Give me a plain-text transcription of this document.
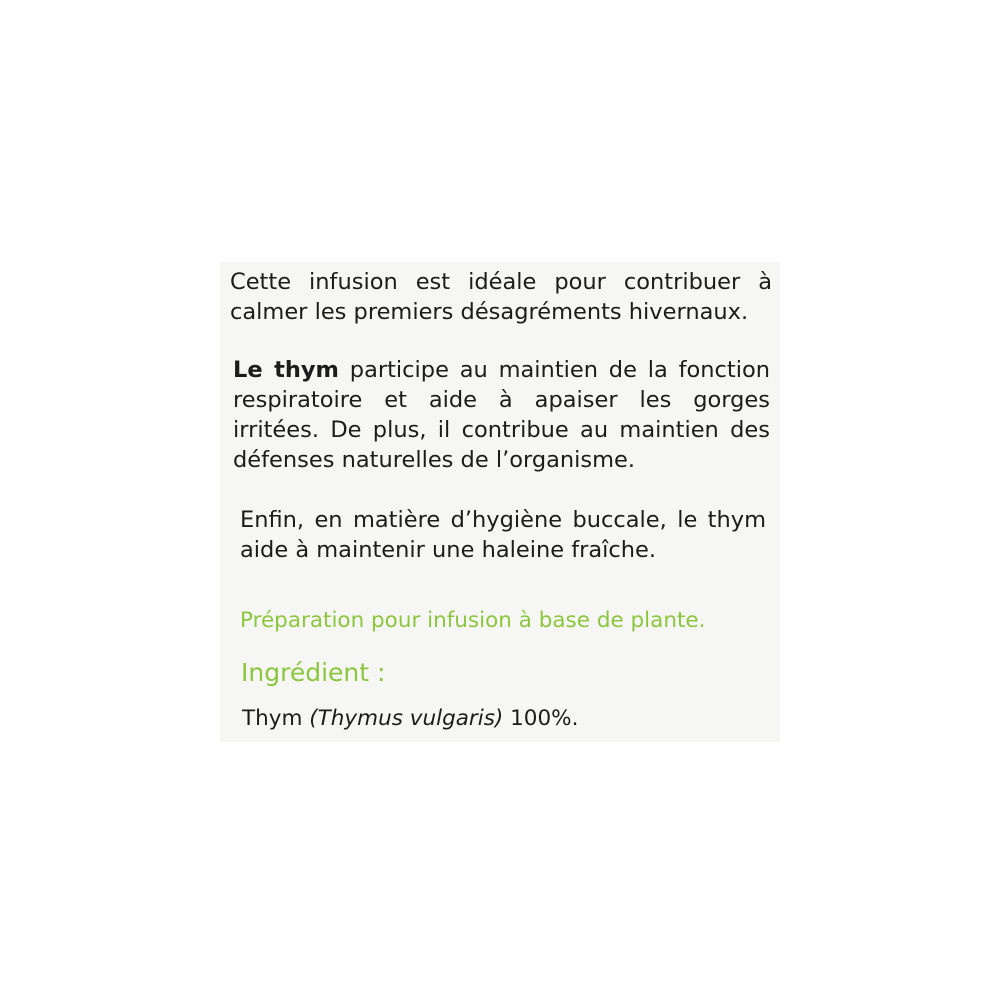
Cette infusion est idéale pour contribuer à calmer les premiers désagréments hivernaux.
Le thym participe au maintien de la fonction respiratoire et aide à apaiser les gorges irritées. De plus, il contribue au maintien des défenses naturelles de l’organisme.
Enfin, en matière d’hygiène buccale, le thym aide à maintenir une haleine fraîche.
Préparation pour infusion à base de plante.
Ingrédient :
Thym (Thymus vulgaris) 100%.
